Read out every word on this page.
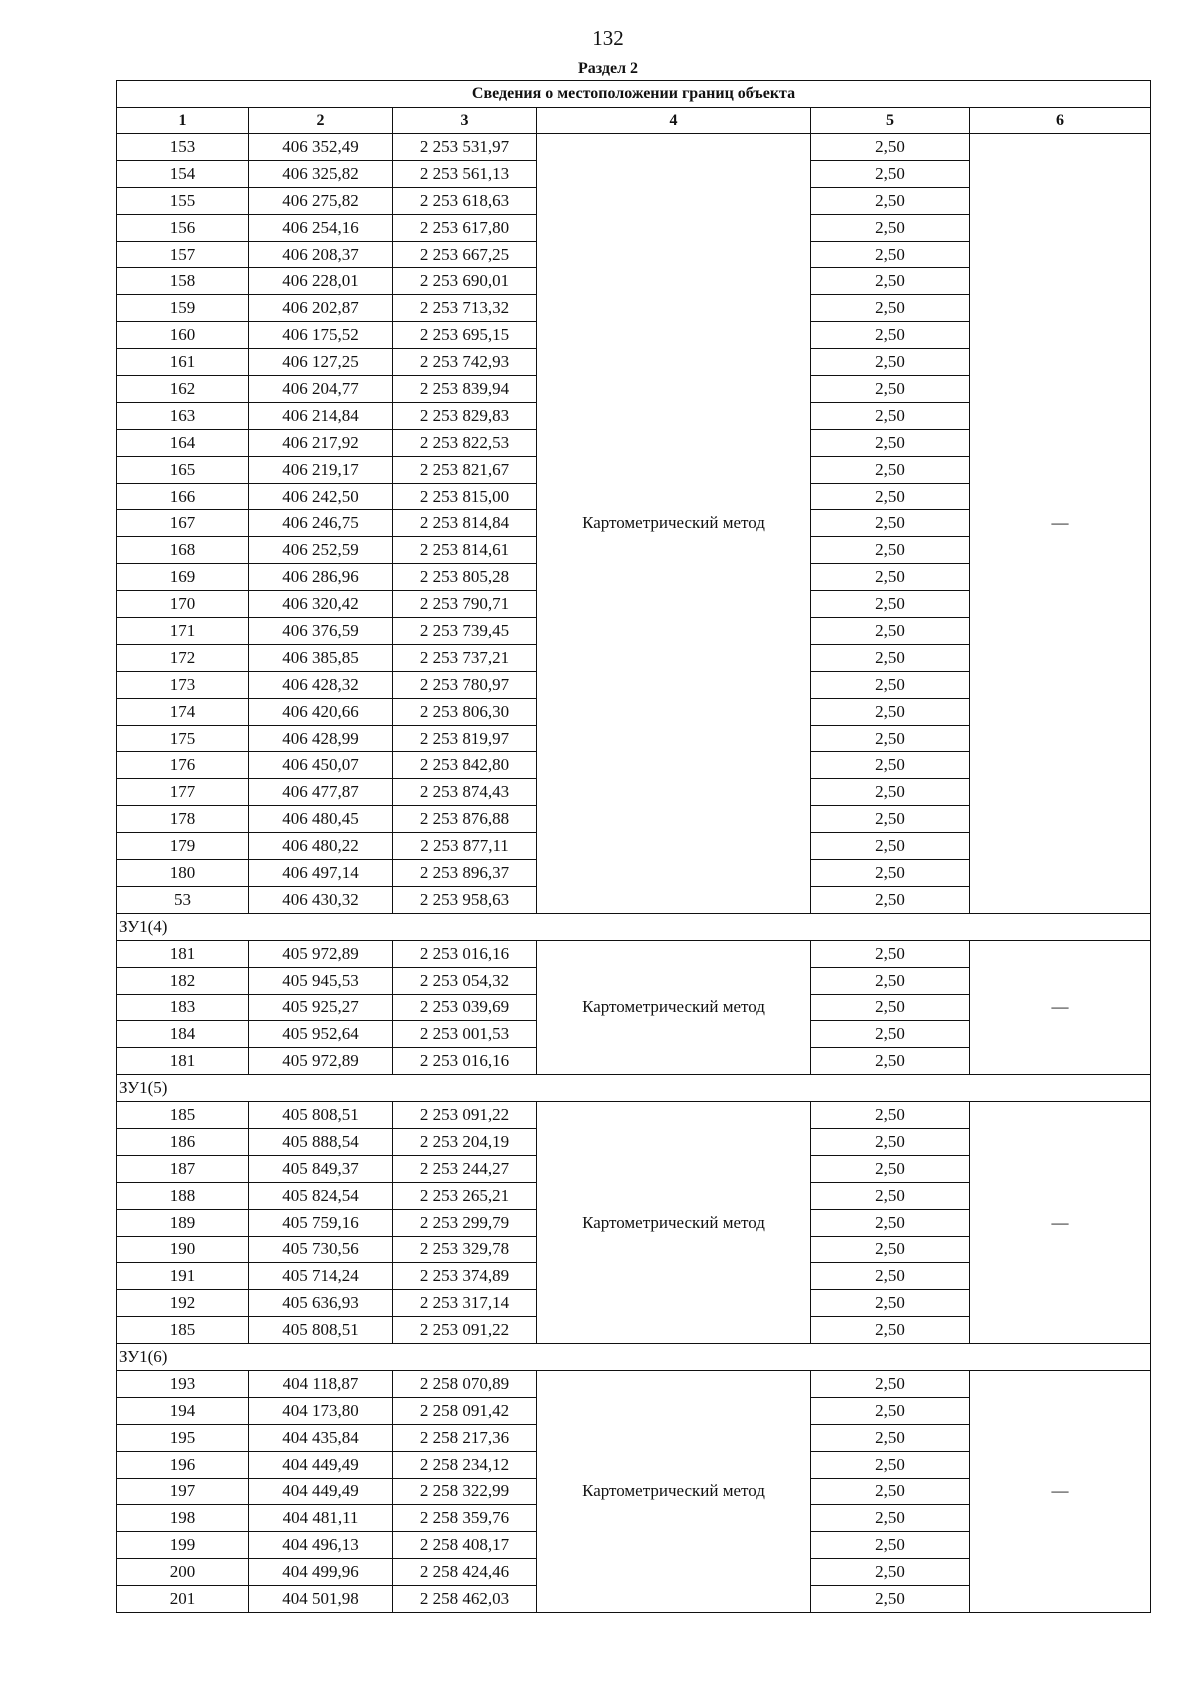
132
Раздел 2
Сведения о местоположении границ объекта					
1	2	3	4	5	6
153	406 352,49	2 253 531,97	Картометрический метод	2,50	—
154	406 325,82	2 253 561,13		2,50	
155	406 275,82	2 253 618,63		2,50	
156	406 254,16	2 253 617,80		2,50	
157	406 208,37	2 253 667,25		2,50	
158	406 228,01	2 253 690,01		2,50	
159	406 202,87	2 253 713,32		2,50	
160	406 175,52	2 253 695,15		2,50	
161	406 127,25	2 253 742,93		2,50	
162	406 204,77	2 253 839,94		2,50	
163	406 214,84	2 253 829,83		2,50	
164	406 217,92	2 253 822,53		2,50	
165	406 219,17	2 253 821,67		2,50	
166	406 242,50	2 253 815,00		2,50	
167	406 246,75	2 253 814,84		2,50	
168	406 252,59	2 253 814,61		2,50	
169	406 286,96	2 253 805,28		2,50	
170	406 320,42	2 253 790,71		2,50	
171	406 376,59	2 253 739,45		2,50	
172	406 385,85	2 253 737,21		2,50	
173	406 428,32	2 253 780,97		2,50	
174	406 420,66	2 253 806,30		2,50	
175	406 428,99	2 253 819,97		2,50	
176	406 450,07	2 253 842,80		2,50	
177	406 477,87	2 253 874,43		2,50	
178	406 480,45	2 253 876,88		2,50	
179	406 480,22	2 253 877,11		2,50	
180	406 497,14	2 253 896,37		2,50	
53	406 430,32	2 253 958,63		2,50	
ЗУ1(4)					
181	405 972,89	2 253 016,16	Картометрический метод	2,50	—
182	405 945,53	2 253 054,32		2,50	
183	405 925,27	2 253 039,69		2,50	
184	405 952,64	2 253 001,53		2,50	
181	405 972,89	2 253 016,16		2,50	
ЗУ1(5)					
185	405 808,51	2 253 091,22	Картометрический метод	2,50	—
186	405 888,54	2 253 204,19		2,50	
187	405 849,37	2 253 244,27		2,50	
188	405 824,54	2 253 265,21		2,50	
189	405 759,16	2 253 299,79		2,50	
190	405 730,56	2 253 329,78		2,50	
191	405 714,24	2 253 374,89		2,50	
192	405 636,93	2 253 317,14		2,50	
185	405 808,51	2 253 091,22		2,50	
ЗУ1(6)					
193	404 118,87	2 258 070,89	Картометрический метод	2,50	—
194	404 173,80	2 258 091,42		2,50	
195	404 435,84	2 258 217,36		2,50	
196	404 449,49	2 258 234,12		2,50	
197	404 449,49	2 258 322,99		2,50	
198	404 481,11	2 258 359,76		2,50	
199	404 496,13	2 258 408,17		2,50	
200	404 499,96	2 258 424,46		2,50	
201	404 501,98	2 258 462,03		2,50	
